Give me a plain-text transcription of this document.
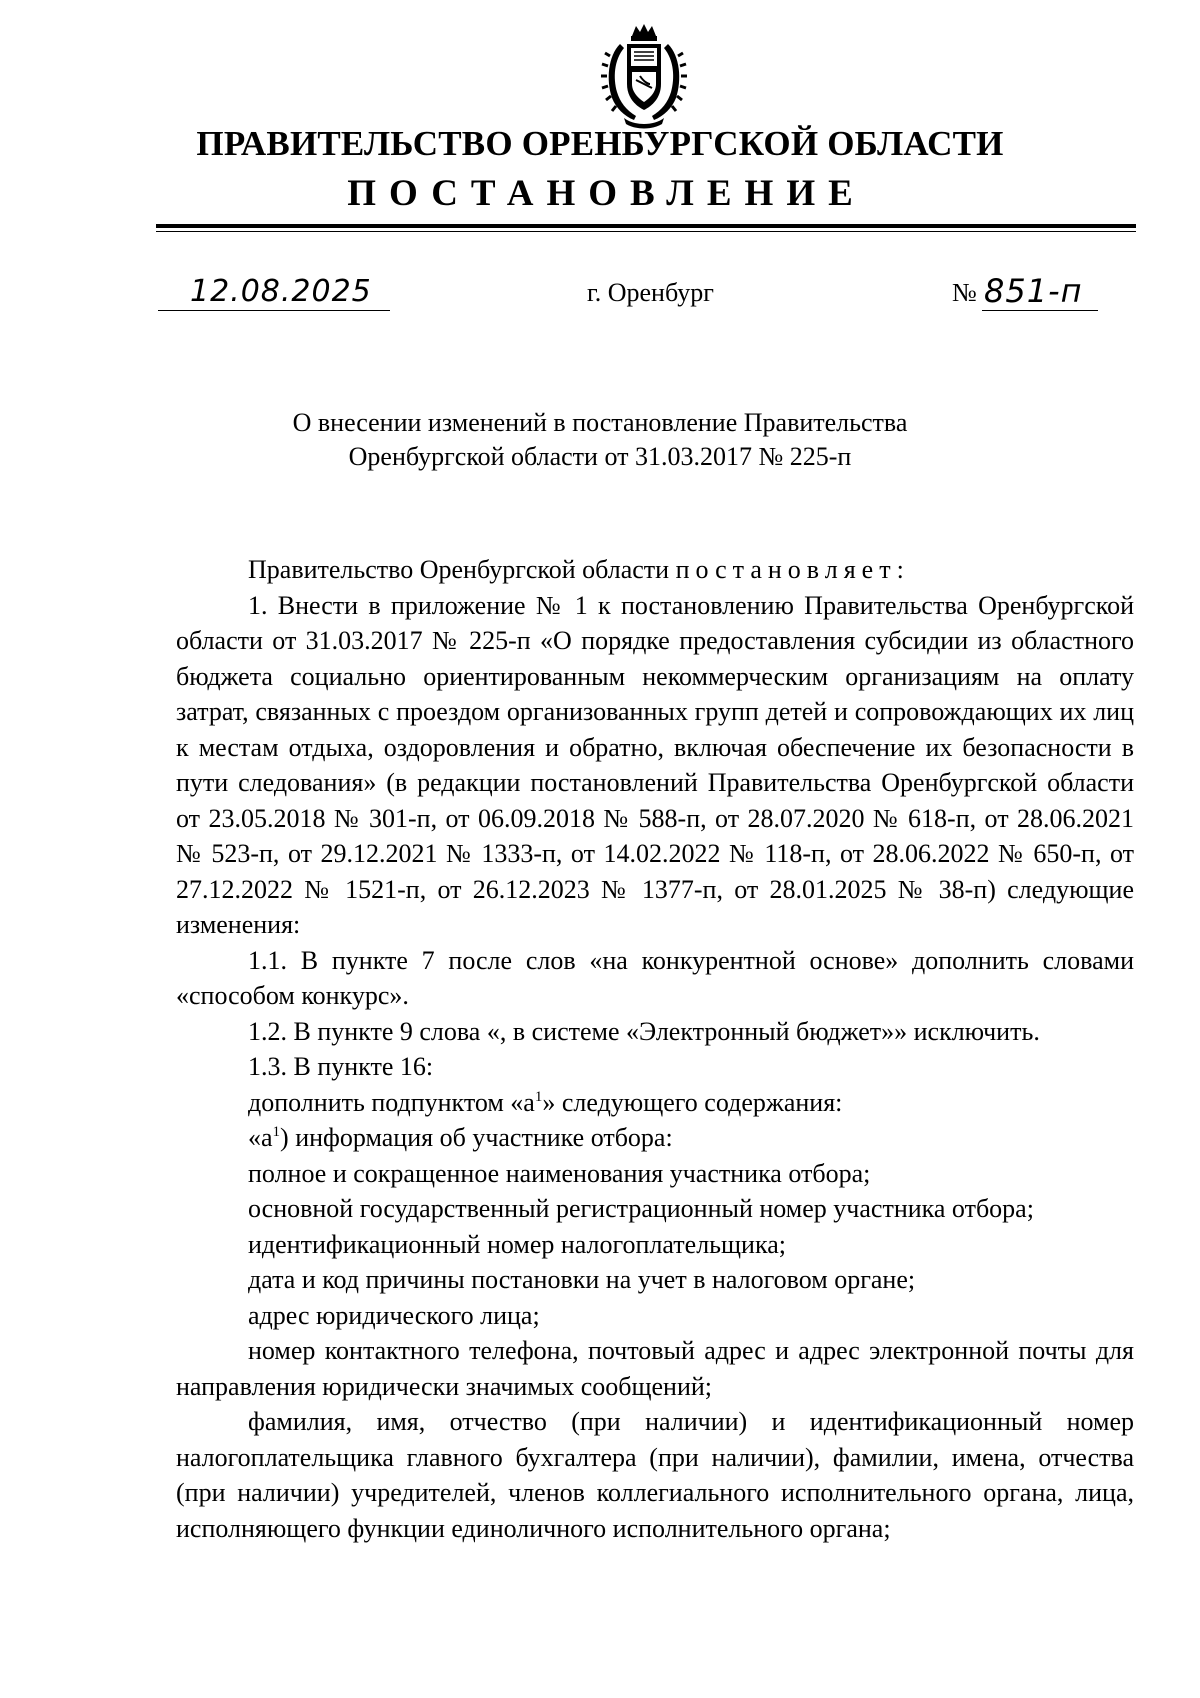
ПРАВИТЕЛЬСТВО ОРЕНБУРГСКОЙ ОБЛАСТИ
ПОСТАНОВЛЕНИЕ
12.08.2025	г. Оренбург	№ 851-п
О внесении изменений в постановление Правительства
Оренбургской области от 31.03.2017 № 225-п

Правительство Оренбургской области постановляет:

1. Внести в приложение № 1 к постановлению Правительства Оренбургской области от 31.03.2017 № 225-п «О порядке предоставления субсидии из областного бюджета социально ориентированным некоммерческим организациям на оплату затрат, связанных с проездом организованных групп детей и сопровождающих их лиц к местам отдыха, оздоровления и обратно, включая обеспечение их безопасности в пути следования» (в редакции постановлений Правительства Оренбургской области от 23.05.2018 № 301-п, от 06.09.2018 № 588-п, от 28.07.2020 № 618-п, от 28.06.2021 № 523-п, от 29.12.2021 № 1333-п, от 14.02.2022 № 118-п, от 28.06.2022 № 650-п, от 27.12.2022 № 1521-п, от 26.12.2023 № 1377-п, от 28.01.2025 № 38-п) следующие изменения:

1.1. В пункте 7 после слов «на конкурентной основе» дополнить словами «способом конкурс».

1.2. В пункте 9 слова «, в системе «Электронный бюджет»» исключить.

1.3. В пункте 16:

дополнить подпунктом «$а^1$» следующего содержания:

«$а^1$) информация об участнике отбора:

полное и сокращенное наименования участника отбора;

основной государственный регистрационный номер участника отбора;

идентификационный номер налогоплательщика;

дата и код причины постановки на учет в налоговом органе;

адрес юридического лица;

номер контактного телефона, почтовый адрес и адрес электронной почты для направления юридически значимых сообщений;

фамилия, имя, отчество (при наличии) и идентификационный номер налогоплательщика главного бухгалтера (при наличии), фамилии, имена, отчества (при наличии) учредителей, членов коллегиального исполнительного органа, лица, исполняющего функции единоличного исполнительного органа;
